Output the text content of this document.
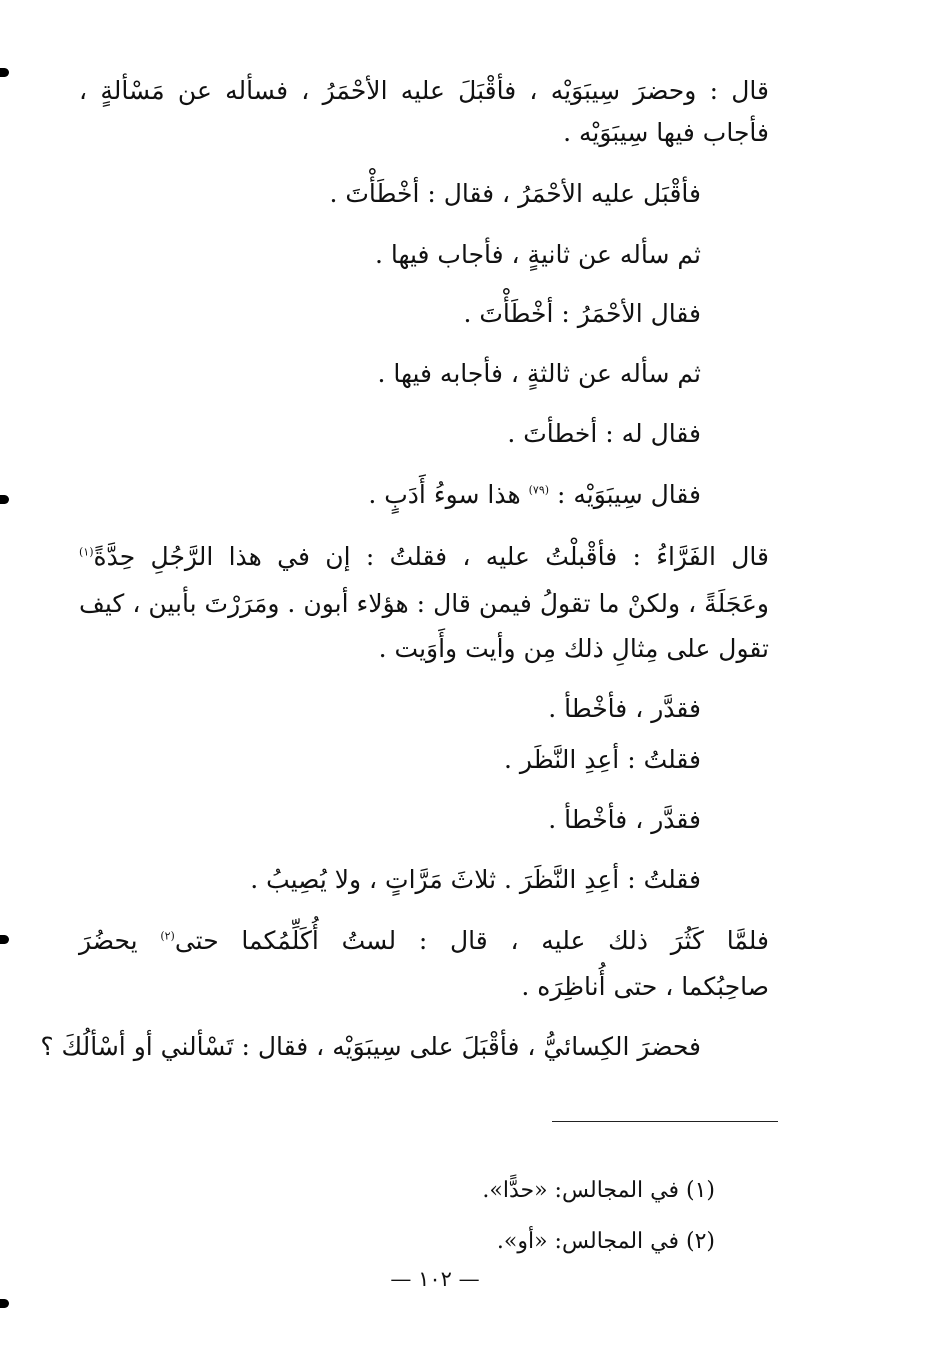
قال : وحضرَ سِيبَوَيْه ، فأقْبَلَ عليه الأحْمَرُ ، فسأله عن مَسْألةٍ ،

فأجاب فيها سِيبَوَيْه .

فأقْبَل عليه الأحْمَرُ ، فقال : أخْطَأْتَ .

ثم سأله عن ثانيةٍ ، فأجاب فيها .

فقال الأحْمَرُ : أخْطَأْتَ .

ثم سأله عن ثالثةٍ ، فأجابه فيها .

فقال له : أخطأتَ .

فقال سِيبَوَيْه : $^{(٧٩)}$ هذا سوءُ أَدَبٍ .

قال الفَرَّاءُ : فأقْبلْتُ عليه ، فقلتُ : إن في هذا الرَّجُلِ حِدَّةً$^{(١)}$

وعَجَلَةً ، ولكنْ ما تقولُ فيمن قال : هؤلاء أبون . ومَرَرْتَ بأبين ، كيف

تقول على مِثالِ ذلك مِن وأيت وأَوَيت .

فقدَّر ، فأخْطأ .

فقلتُ : أعِدِ النَّظَر .

فقدَّر ، فأخْطأ .

فقلتُ : أعِدِ النَّظَرَ . ثلاثَ مَرَّاتٍ ، ولا يُصِيبُ .

فلمَّا كَثُرَ ذلك عليه ، قال : لستُ أُكَلِّمُكما حتى$^{(٢)}$ يحضُرَ

صاحِبُكما ، حتى أُناظِرَه .

فحضرَ الكِسائيُّ ، فأقْبَلَ على سِيبَوَيْه ، فقال : تَسْألني أو أسْألُكَ ؟

(١) في المجالس: «حدًّا».

(٢) في المجالس: «أو».

— ١٠٢ —
